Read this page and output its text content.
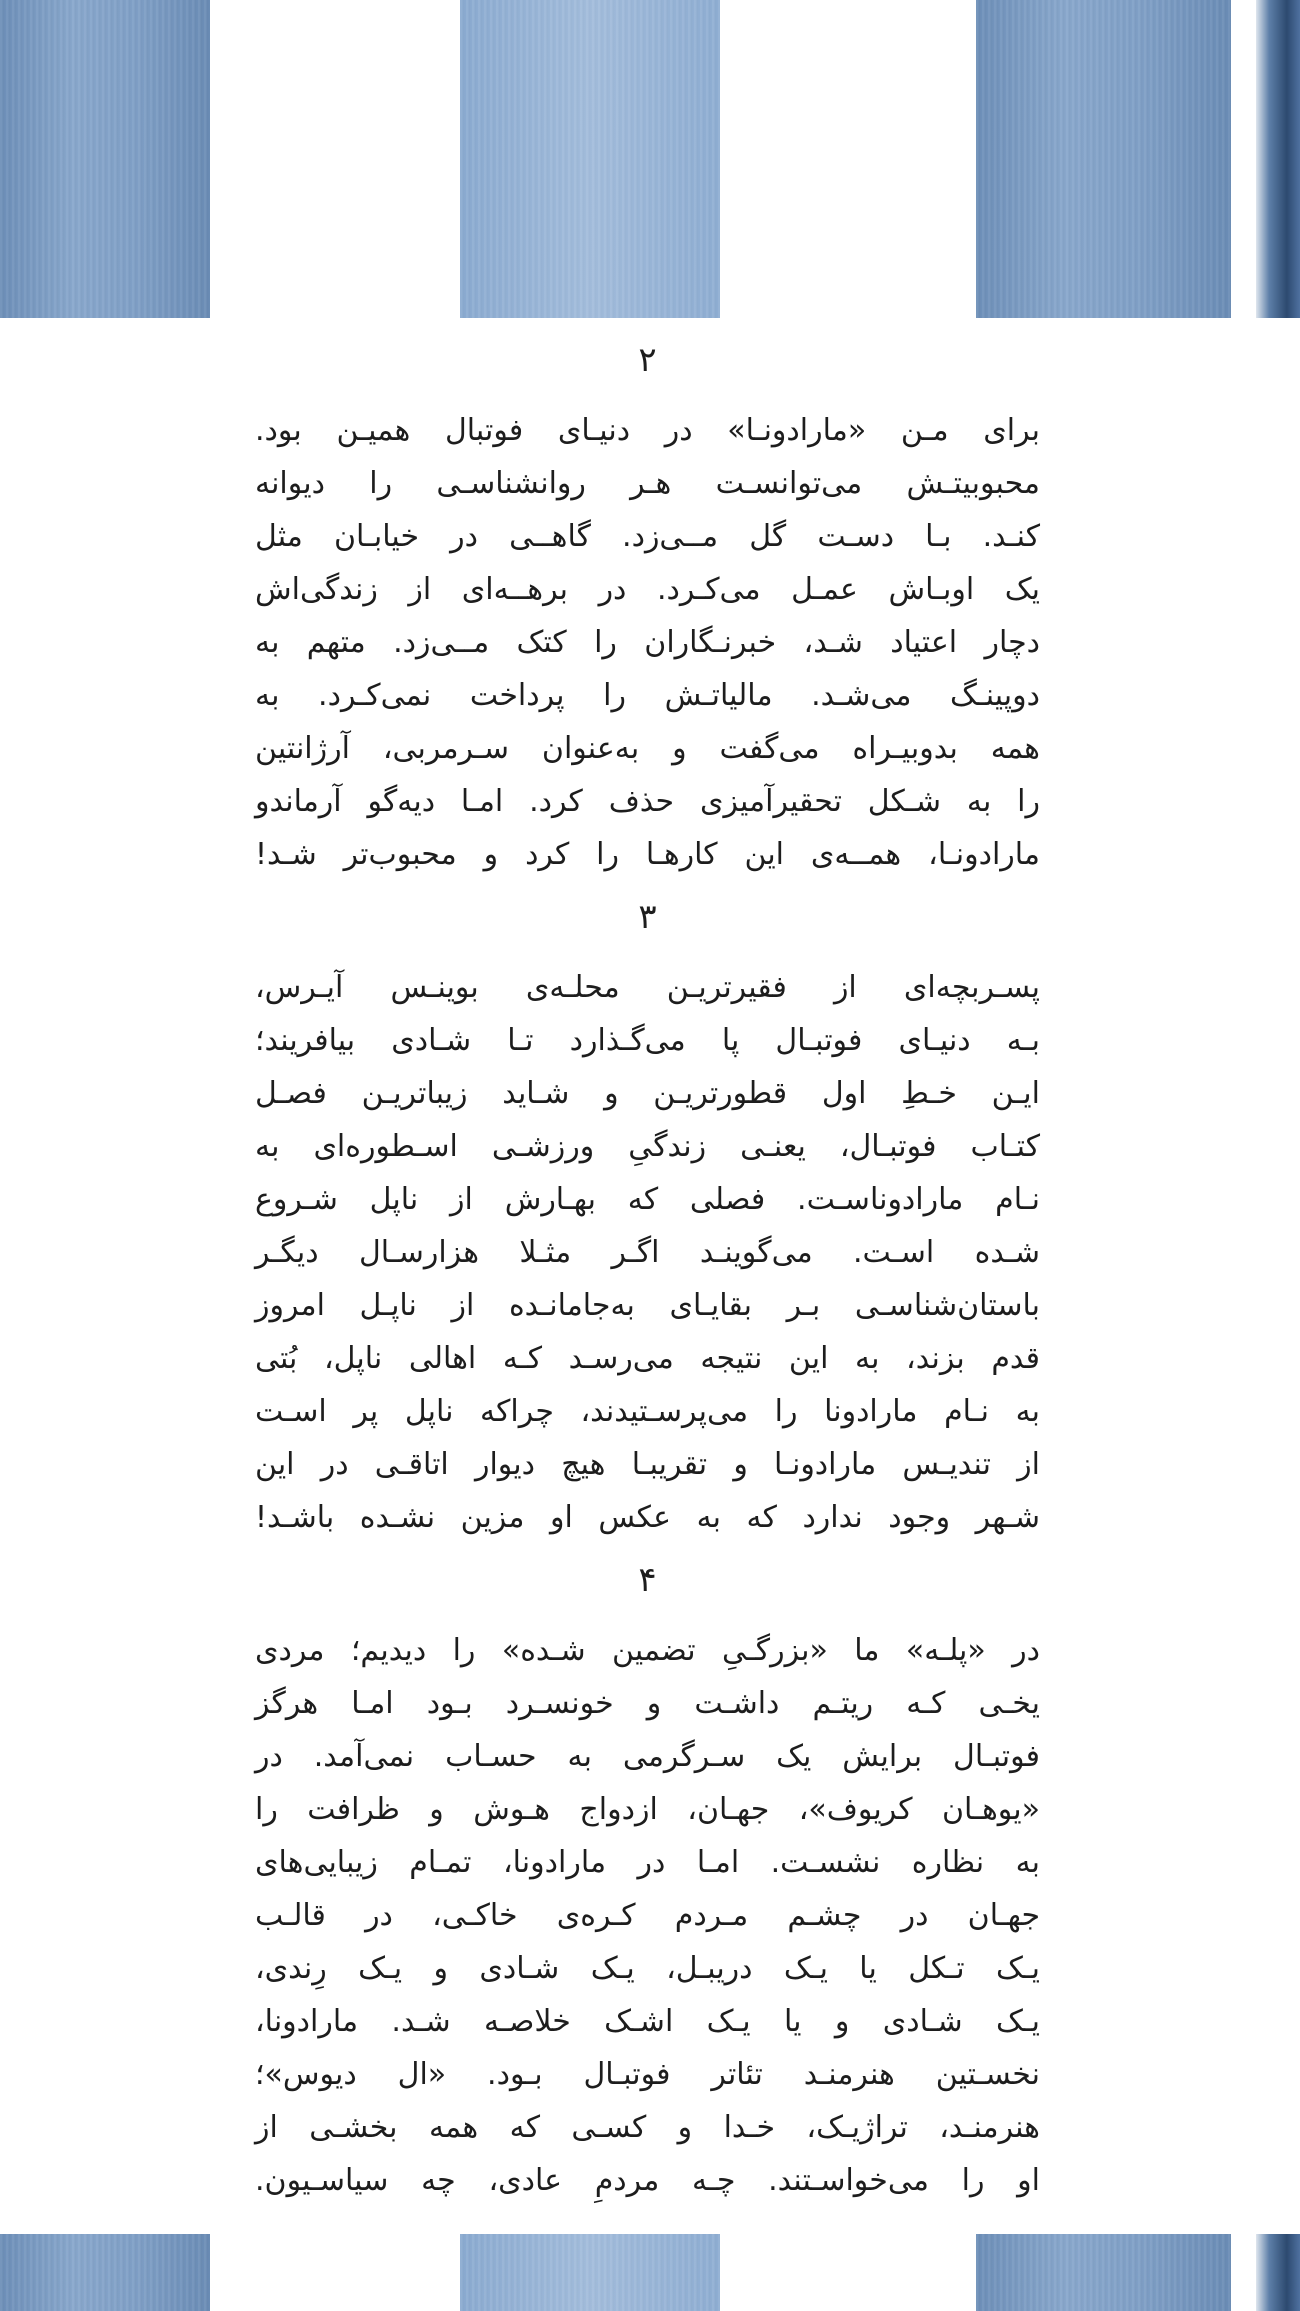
۲

برای مـن «مارادونـا» در دنیـای فوتبال همیـن بود.

محبوبیتـش می‌توانسـت هـر روانشناسـی را دیوانه

کنـد. بـا دسـت گل مــی‌زد. گاهــی در خیابـان مثل

یک اوبـاش عمـل می‌کـرد. در برهــه‌ای از زندگی‌اش

دچار اعتیاد شـد، خبرنـگاران را کتک مــی‌زد. متهم به

دوپینـگ می‌شـد. مالیاتـش را پرداخت نمی‌کـرد. به

همه بدوبیـراه می‌گفت و به‌عنوان سـرمربی، آرژانتین

را به شـکل تحقیرآمیزی حذف کرد. امـا دیه‌گو آرماندو

مارادونـا، همــه‌ی این کارهـا را کرد و محبوب‌تر شـد!

۳

پسـربچه‌ای از فقیرتریـن محلـه‌ی بوینـس آیـرس،

بـه دنیـای فوتبـال پا می‌گـذارد تـا شـادی بیافریند؛

ایـن خـطِ اول قطورتریـن و شـاید زیباتریـن فصـل

کتـاب فوتبـال، یعنـی زندگیِ ورزشـی اسـطوره‌ای به

نـام مارادوناسـت. فصلی که بهـارش از ناپل شـروع

شـده اسـت. می‌گوینـد اگـر مثـلا هزارسـال دیگـر

باستان‌شناسـی بـر بقایـای به‌جامانـده از ناپـل امروز

قدم بزند، به این نتیجه می‌رسـد کـه اهالی ناپل، بُتی

به نـام مارادونا را می‌پرسـتیدند، چراکه ناپل پر اسـت

از تندیـس مارادونـا و تقریبـا هیچ دیوار اتاقـی در این

شـهر وجود ندارد که به عکس او مزین نشـده باشـد!

۴

در «پلـه» ما «بزرگـیِ تضمین شـده» را دیدیم؛ مردی

یخـی کـه ریتـم داشـت و خونسـرد بـود امـا هرگز

فوتبـال برایش یک سـرگرمی به حسـاب نمی‌آمد. در

«یوهـان کریوف»، جهـان، ازدواج هـوش و ظرافت را

به نظاره نشسـت. امـا در مارادونا، تمـام زیبایی‌های

جهـان در چشـم مـردم کـره‌ی خاکـی، در قالـب

یـک تـکل یا یـک دریبـل، یـک شـادی و یـک رِندی،

یـک شـادی و یا یـک اشـک خلاصـه شـد. مارادونا،

نخسـتین هنرمنـد تئاتر فوتبـال بـود. «ال دیوس»؛

هنرمنـد، تراژیـک، خـدا و کسـی که همه بخشـی از

او را می‌خواسـتند. چـه مردمِ عادی، چه سیاسـیون.
